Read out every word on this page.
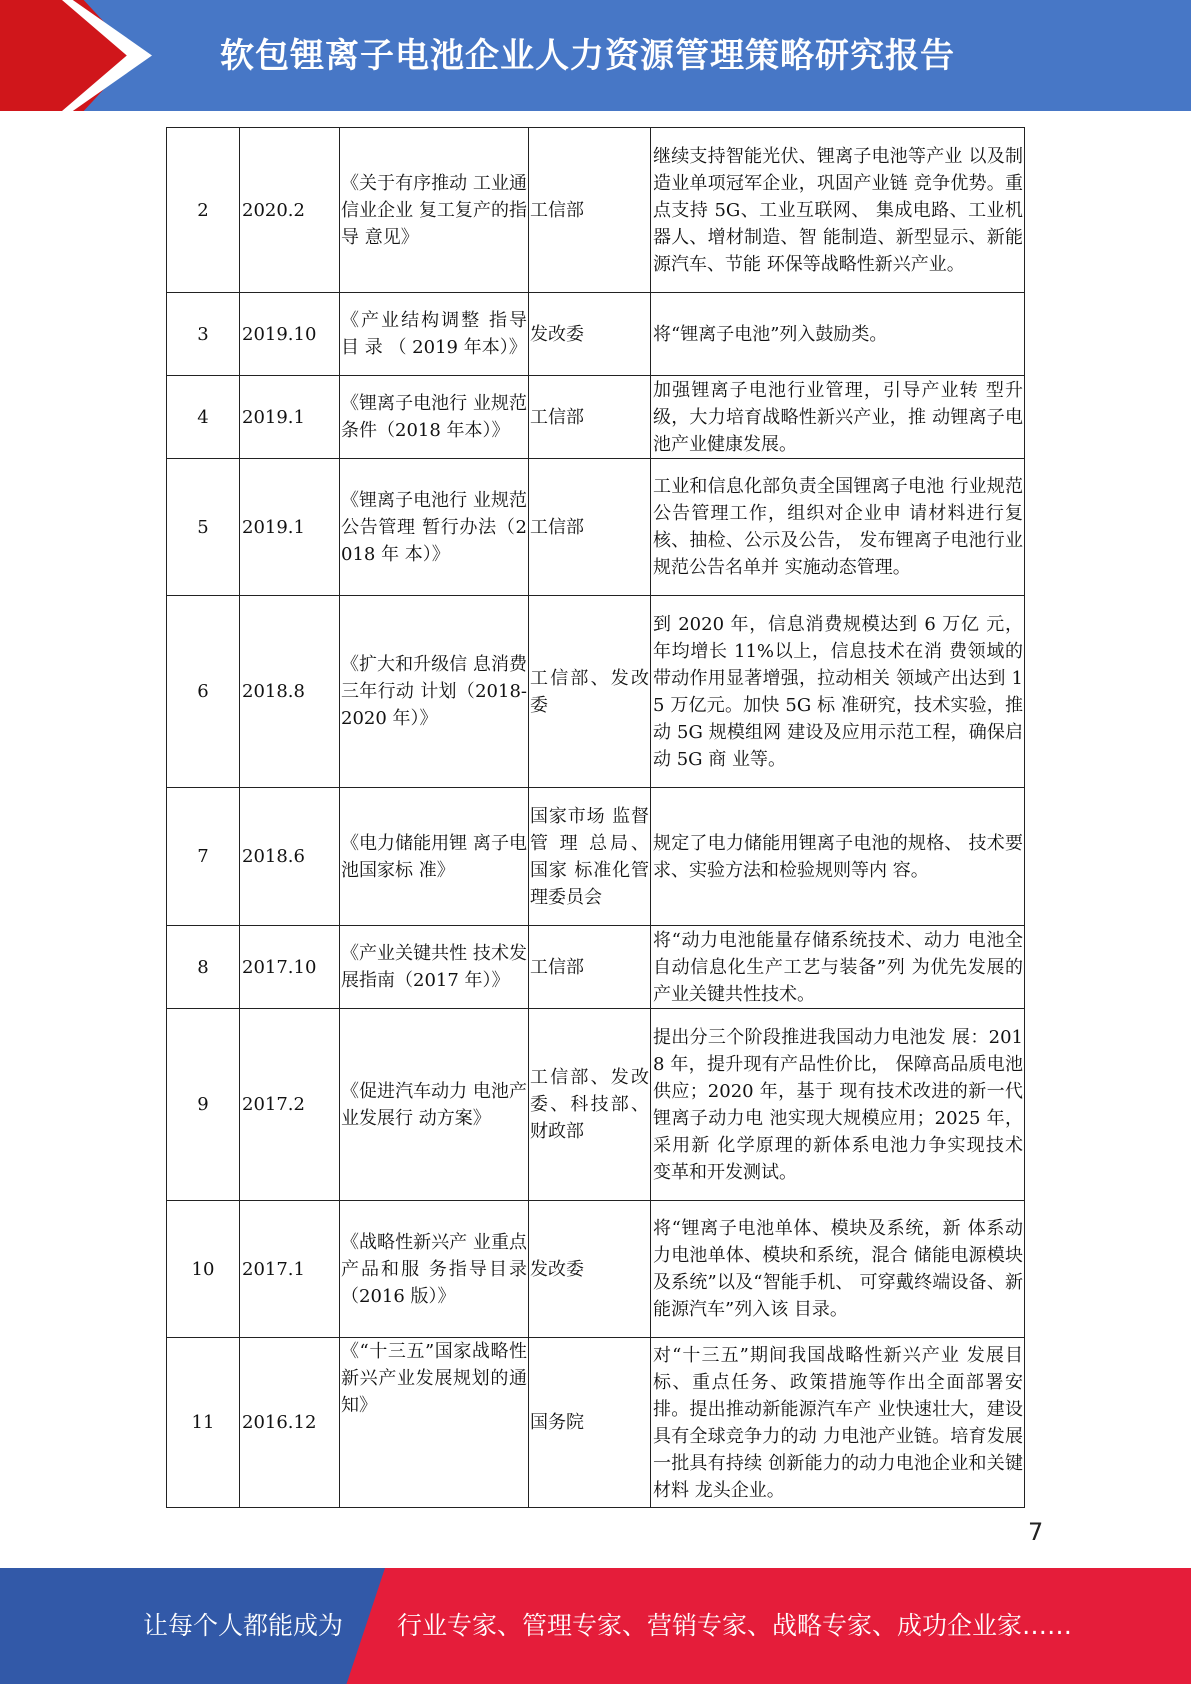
软包锂离子电池企业人力资源管理策略研究报告
2	2020.2	《关于有序推动 工业通信业企业 复工复产的指导 意见》	工信部	继续支持智能光伏、锂离子电池等产业 以及制造业单项冠军企业，巩固产业链 竞争优势。重点支持 5G、工业互联网、 集成电路、工业机器人、增材制造、智 能制造、新型显示、新能源汽车、节能 环保等战略性新兴产业。
3	2019.10	《产业结构调整 指导 目 录 （ 2019 年本）》	发改委	将“锂离子电池”列入鼓励类。
4	2019.1	《锂离子电池行 业规范条件（2018 年本）》	工信部	加强锂离子电池行业管理，引导产业转 型升级，大力培育战略性新兴产业，推 动锂离子电池产业健康发展。
5	2019.1	《锂离子电池行 业规范公告管理 暂行办法（2018 年 本）》	工信部	工业和信息化部负责全国锂离子电池 行业规范公告管理工作，组织对企业申 请材料进行复核、抽检、公示及公告， 发布锂离子电池行业规范公告名单并 实施动态管理。
6	2018.8	《扩大和升级信 息消费三年行动 计划（2018-2020 年）》	工信部、发改委	到 2020 年，信息消费规模达到 6 万亿 元，年均增长 11%以上，信息技术在消 费领域的带动作用显著增强，拉动相关 领域产出达到 15 万亿元。加快 5G 标 准研究，技术实验，推动 5G 规模组网 建设及应用示范工程，确保启动 5G 商 业等。
7	2018.6	《电力储能用锂 离子电池国家标 准》	国家市场 监督 管 理 总局、国家 标准化管 理委员会	规定了电力储能用锂离子电池的规格、 技术要求、实验方法和检验规则等内 容。
8	2017.10	《产业关键共性 技术发展指南（2017 年）》	工信部	将“动力电池能量存储系统技术、动力 电池全自动信息化生产工艺与装备”列 为优先发展的产业关键共性技术。
9	2017.2	《促进汽车动力 电池产业发展行 动方案》	工信部、发改委、科技部、财政部	提出分三个阶段推进我国动力电池发 展：2018 年，提升现有产品性价比， 保障高品质电池供应；2020 年，基于 现有技术改进的新一代锂离子动力电 池实现大规模应用；2025 年，采用新 化学原理的新体系电池力争实现技术 变革和开发测试。
10	2017.1	《战略性新兴产 业重点产品和服 务指导目录（2016 版）》	发改委	将“锂离子电池单体、模块及系统，新 体系动力电池单体、模块和系统，混合 储能电源模块及系统”以及“智能手机、 可穿戴终端设备、新能源汽车”列入该 目录。
11	2016.12	《“十三五”国家战略性新兴产业发展规划的通知》	国务院	对“十三五”期间我国战略性新兴产业 发展目标、重点任务、政策措施等作出全面部署安排。提出推动新能源汽车产 业快速壮大，建设具有全球竞争力的动 力电池产业链。培育发展一批具有持续 创新能力的动力电池企业和关键材料 龙头企业。
7
让每个人都能成为	行业专家、管理专家、营销专家、战略专家、成功企业家……
